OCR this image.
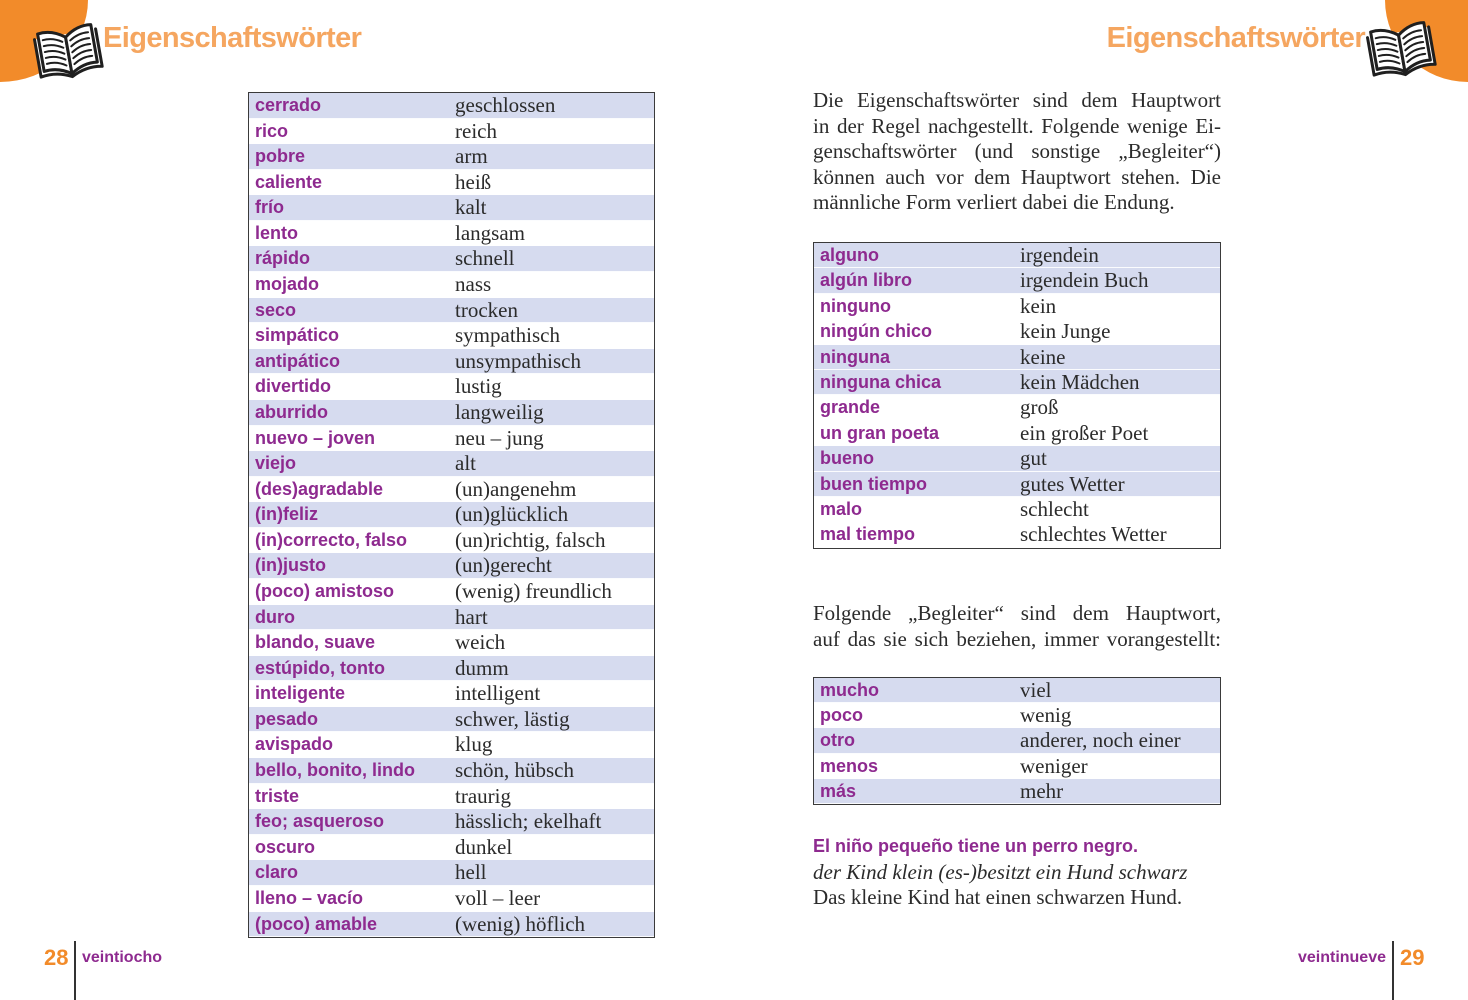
Eigenschaftswörter
cerrado	geschlossen
rico	reich
pobre	arm
caliente	heiß
frío	kalt
lento	langsam
rápido	schnell
mojado	nass
seco	trocken
simpático	sympathisch
antipático	unsympathisch
divertido	lustig
aburrido	langweilig
nuevo – joven	neu – jung
viejo	alt
(des)agradable	(un)angenehm
(in)feliz	(un)glücklich
(in)correcto, falso	(un)richtig, falsch
(in)justo	(un)gerecht
(poco) amistoso	(wenig) freundlich
duro	hart
blando, suave	weich
estúpido, tonto	dumm
inteligente	intelligent
pesado	schwer, lästig
avispado	klug
bello, bonito, lindo	schön, hübsch
triste	traurig
feo; asqueroso	hässlich; ekelhaft
oscuro	dunkel
claro	hell
lleno – vacío	voll – leer
(poco) amable	(wenig) höflich
28 veintiocho
Eigenschaftswörter
Die Eigenschaftswörter sind dem Hauptwort
in der Regel nachgestellt. Folgende wenige Ei-
genschaftswörter (und sonstige „Begleiter“)
können auch vor dem Hauptwort stehen. Die
männliche Form verliert dabei die Endung.
alguno	irgendein
algún libro	irgendein Buch
ninguno	kein
ningún chico	kein Junge
ninguna	keine
ninguna chica	kein Mädchen
grande	groß
un gran poeta	ein großer Poet
bueno	gut
buen tiempo	gutes Wetter
malo	schlecht
mal tiempo	schlechtes Wetter
Folgende „Begleiter“ sind dem Hauptwort,
auf das sie sich beziehen, immer vorangestellt:
mucho	viel
poco	wenig
otro	anderer, noch einer
menos	weniger
más	mehr
El niño pequeño tiene un perro negro.
der Kind klein (es-)besitzt ein Hund schwarz
Das kleine Kind hat einen schwarzen Hund.
veintinueve 29
